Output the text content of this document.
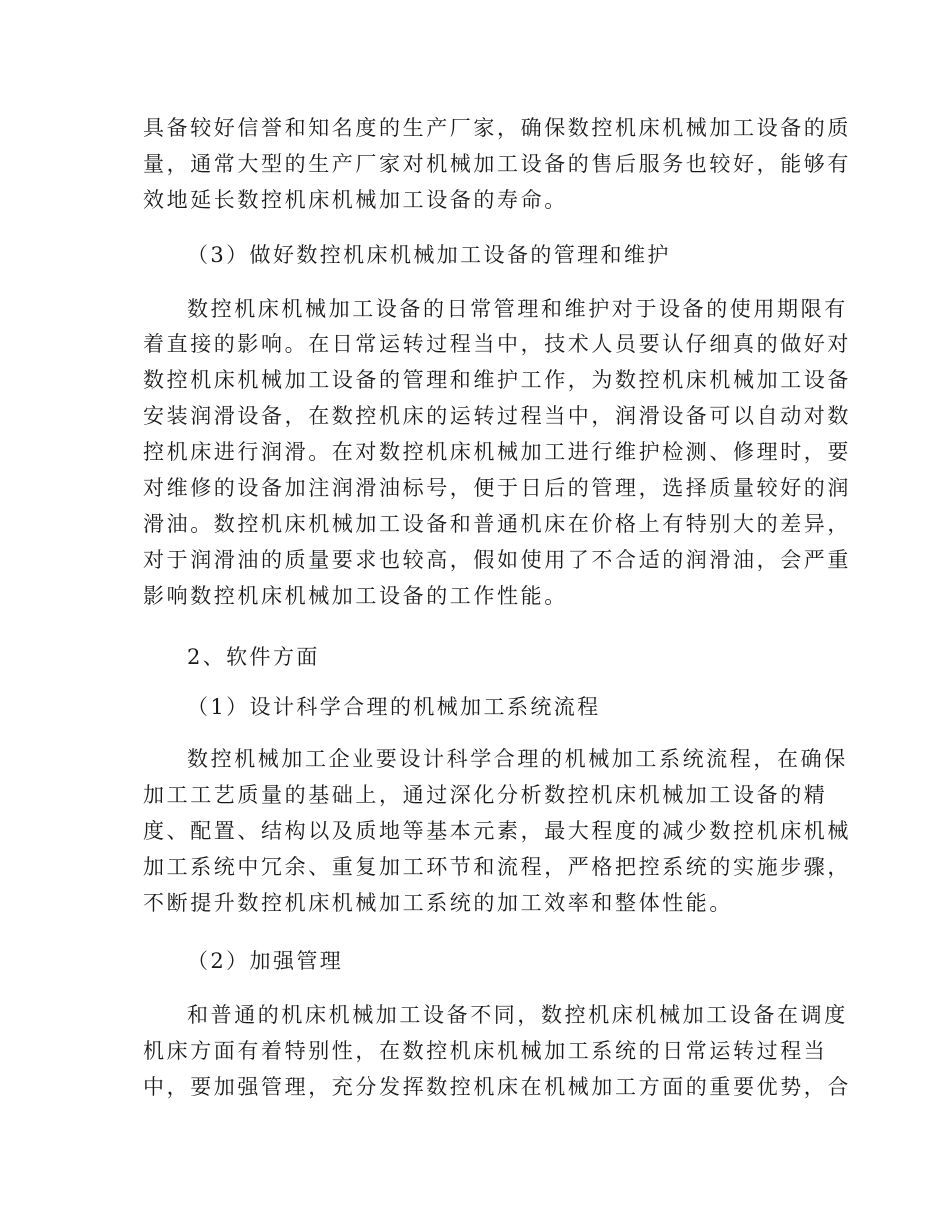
具备较好信誉和知名度的生产厂家，确保数控机床机械加工设备的质
量，通常大型的生产厂家对机械加工设备的售后服务也较好，能够有
效地延长数控机床机械加工设备的寿命。
（3）做好数控机床机械加工设备的管理和维护
数控机床机械加工设备的日常管理和维护对于设备的使用期限有
着直接的影响。在日常运转过程当中，技术人员要认仔细真的做好对
数控机床机械加工设备的管理和维护工作，为数控机床机械加工设备
安装润滑设备，在数控机床的运转过程当中，润滑设备可以自动对数
控机床进行润滑。在对数控机床机械加工进行维护检测、修理时，要
对维修的设备加注润滑油标号，便于日后的管理，选择质量较好的润
滑油。数控机床机械加工设备和普通机床在价格上有特别大的差异，
对于润滑油的质量要求也较高，假如使用了不合适的润滑油，会严重
影响数控机床机械加工设备的工作性能。
2、软件方面
（1）设计科学合理的机械加工系统流程
数控机械加工企业要设计科学合理的机械加工系统流程，在确保
加工工艺质量的基础上，通过深化分析数控机床机械加工设备的精
度、配置、结构以及质地等基本元素，最大程度的减少数控机床机械
加工系统中冗余、重复加工环节和流程，严格把控系统的实施步骤，
不断提升数控机床机械加工系统的加工效率和整体性能。
（2）加强管理
和普通的机床机械加工设备不同，数控机床机械加工设备在调度
机床方面有着特别性，在数控机床机械加工系统的日常运转过程当
中，要加强管理，充分发挥数控机床在机械加工方面的重要优势，合
